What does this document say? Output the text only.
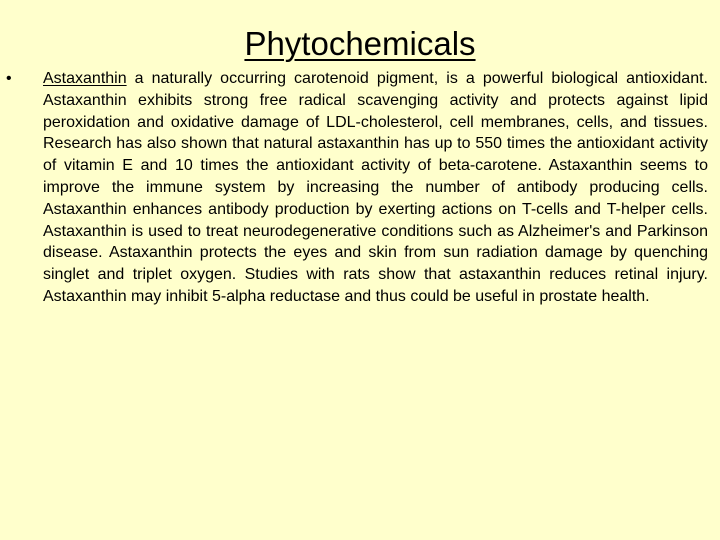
Phytochemicals
• Astaxanthin a naturally occurring carotenoid pigment, is a powerful biological antioxidant. Astaxanthin exhibits strong free radical scavenging activity and protects against lipid peroxidation and oxidative damage of LDL-cholesterol, cell membranes, cells, and tissues. Research has also shown that natural astaxanthin has up to 550 times the antioxidant activity of vitamin E and 10 times the antioxidant activity of beta-carotene. Astaxanthin seems to improve the immune system by increasing the number of antibody producing cells. Astaxanthin enhances antibody production by exerting actions on T-cells and T-helper cells. Astaxanthin is used to treat neurodegenerative conditions such as Alzheimer's and Parkinson disease. Astaxanthin protects the eyes and skin from sun radiation damage by quenching singlet and triplet oxygen. Studies with rats show that astaxanthin reduces retinal injury. Astaxanthin may inhibit 5-alpha reductase and thus could be useful in prostate health.
